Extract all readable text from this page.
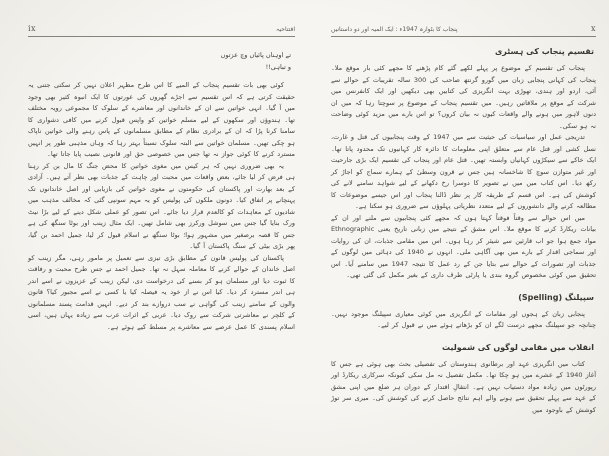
ix	افتتاحیہ
تے اوہناں پائیاں وچ عزتوں
و تباہی!!

کوئی بھی بات تقسیم پنجاب کے المیے کا اس طرح مظہر اعلان نہیں کر سکتی جتنی یہ حقیقت کرتی ہے کہ اس تقسیم سے اجڑے گھروں کی عورتوں کا ایک انبوہ کثیر بھی وجود میں آ گیا۔ انہی خواتین سے ان کے خاندانوں اور معاشرے کے سلوک کا مجموعی رویہ مختلف تھا۔ ہندوؤں اور سکھوں کے لیے مسلم خواتین کو واپس قبول کرنے میں کافی دشواری کا سامنا کرنا پڑا کہ ان کے برادری نظام کے مطابق مسلمانوں کے پاس رہنے والی خواتین ناپاک ہو چکی تھیں۔ مسلمان خواتین سے البتہ سلوک نسبتاً بہتر رہا کہ وہاں مذہبی طور پر انہیں مسترد کرنے کا کوئی جواز نہ تھا جس میں خصوصی حق اور قانونی نصیب پایا جاتا تھا۔

یہ بھی ضروری نہیں کہ ہر کیس میں مغوی خواتین کا محض جنگ کا مال بن کر رہنا ہی فرض کر لیا جائے، بعض واقعات میں محبت اور چاہت کے جذبات بھی نظر آتے ہیں۔ آزادی کے بعد بھارت اور پاکستان کی حکومتوں نے مغوی خواتین کی بازیابی اور اصل خاندانوں تک پہنچانے پر اتفاق کیا۔ دونوں ملکوں کی پولیس کو یہ مہم سونپی گئی کہ مخالف مذہب میں شادیوں کے معاہدات کو کالعدم قرار دیا جائے۔ اس تصور کو عملی شکل دینے کے لیے بڑا نیٹ ورک بنایا گیا جس میں سوشل ورکرز بھی شامل تھیں۔ ایک مثال زینب اور بوٹا سنگھ کی ہے جس کا قصہ برصغیر میں مشہور ہوا؛ بوٹا سنگھ نے اسلام قبول کر لیا، جمیل احمد بن گیا، پھر بڑی بیٹی کے سنگ پاکستان آ گیا۔

پاکستان کی پولیس قانون کے مطابق بڑی تیزی سے تعمیل پر مامور رہی، مگر زینب کو اصل خاندان کے حوالے کرنے کا معاملہ سہل نہ تھا۔ جمیل احمد نے جس طرح محبت و رفاقت کا ثبوت دیا اور مسلمان ہو کر بسنے کی درخواست دی، لیکن زینب کے عزیزوں نے اسے اندر ہی اندر مسترد کر دیا۔ کیا اس نے از خود یہ فیصلہ کیا یا کسی نے اسے مجبور کیا؟ قانون والوں کے سامنے زینب کی گواہی نے سب دروازے بند کر دیے۔ انہیں قدامت پسند مسلمانوں کے کلچر نے معاشرتی شرکت سے روک دیا۔ عربی کے اثرات عرب سے زیادہ یہاں ہیں، اسی اسلام پسندی کا عمل عرصے سے معاشرے پر مسلط کیے ہوئے ہے۔

پنجاب کا بٹوارہ 1947ء : ایک المیہ اور دو داستانیں	x
تقسیم پنجاب کی ہسٹری

پنجاب کی تقسیم کے موضوع پر پہلے لکھے گئے کام پڑھنے کا مجھے کئی بار موقع ملا۔ پنجاب کی کہانی پنجابی زبان میں گورو گرنتھ صاحب کی 300 سالہ تقریبات کے حوالے سے آئی، اردو اور ہندی، تھوڑی بہت انگریزی کی کتابیں بھی دیکھیں اور ایک کانفرنس میں شرکت کے موقع پر ملاقاتیں رہیں۔ میں تقسیم پنجاب کے موضوع پر سوچتا رہا کہ میں ان دنوں لاہور میں ہونے والے واقعات کیوں نہ بیان کروں؟ تو اس بارے میں مزید کوئی وضاحت نہ ہو سکی۔

تدریجی عمل اور سیاسیات کی حیثیت سے میں 1947 کے وقت پنجابیوں کی قتل و غارت، نسل کشی اور قتل عام سے متعلق اپنی معلومات کا دائرہ کار کہانیوں تک محدود پاتا تھا۔ ایک خاکے سے سیکڑوں کہانیاں وابستہ تھیں۔ قتل عام اور پنجاب کی تقسیم ایک بڑی جارحیت اور غیر متوازن سوچ کا شاخسانہ ہیں جس نے قرون وسطیٰ کے ہمارے سماج کو اجاڑ کر رکھ دیا۔ اس کتاب میں میں نے تصویر کا دوسرا رخ دکھانے کے لیے شواہد سامنے لانے کی کوشش کی ہے۔ اس قسم کے طریقہ کار پر نظر ڈالنا پنجاب اور اس جیسے موضوعات کا مطالعہ کرنے والے دانشوروں کے لیے متعدد نظریاتی پہلوؤں سے ضروری ہو سکتا ہے۔

میں اس حوالے سے وقتاً فوقتاً کہتا ہوں کہ مجھے کئی پنجابیوں سے ملنے اور ان کے بیانات ریکارڈ کرنے کا موقع ملا۔ اس مشق کے نتیجے میں زبانی تاریخ یعنی Ethnographic مواد جمع ہوا جو اب قارئین سے شیئر کر رہا ہوں۔ اس میں مقامی جذبات، ان کی روایات اور سماجی اقدار کے بارے میں بھی آگاہی ملی۔ انہوں نے 1940 کی دہائی میں لوگوں کے جذبات اور تصورات کے حوالے سے بتایا جن کے رد عمل کا نتیجہ 1947 میں سامنے آیا۔ اس تحقیق میں کوئی مخصوص گروہ بندی یا پارٹی طرف داری کے بغیر مکمل کی گئی تھی۔

سپیلنگ (Spelling)

پنجابی زبان کے ہجوں اور مقامات کے انگریزی میں کوئی معیاری سپیلنگ موجود نہیں۔ چنانچہ جو سپیلنگ مجھے درست لگے ان کو بڑھاتے ہوئے میں نے قبول کر لیے۔

انقلاب میں مقامی لوگوں کی شمولیت

کتاب میں انگریزی عہد اور برطانوی ہندوستان کی تفصیلی بحث بھی ہوئی ہے جس کا آغاز 1940 کے عشرے میں ہو چکا تھا۔ مکمل تفصیل نہ مل سکی کیونکہ سرکاری ریکارڈ اور رپورٹوں میں زیادہ مواد دستیاب نہیں ہے۔ انتقالِ اقتدار کے دوران ہر ضلع میں اپنی مشق کے عہد سے پہلے تحقیق سے ہونے والے اہم نتائج حاصل کرنے کی کوشش کی۔ میری سر توڑ کوشش کے باوجود میں
